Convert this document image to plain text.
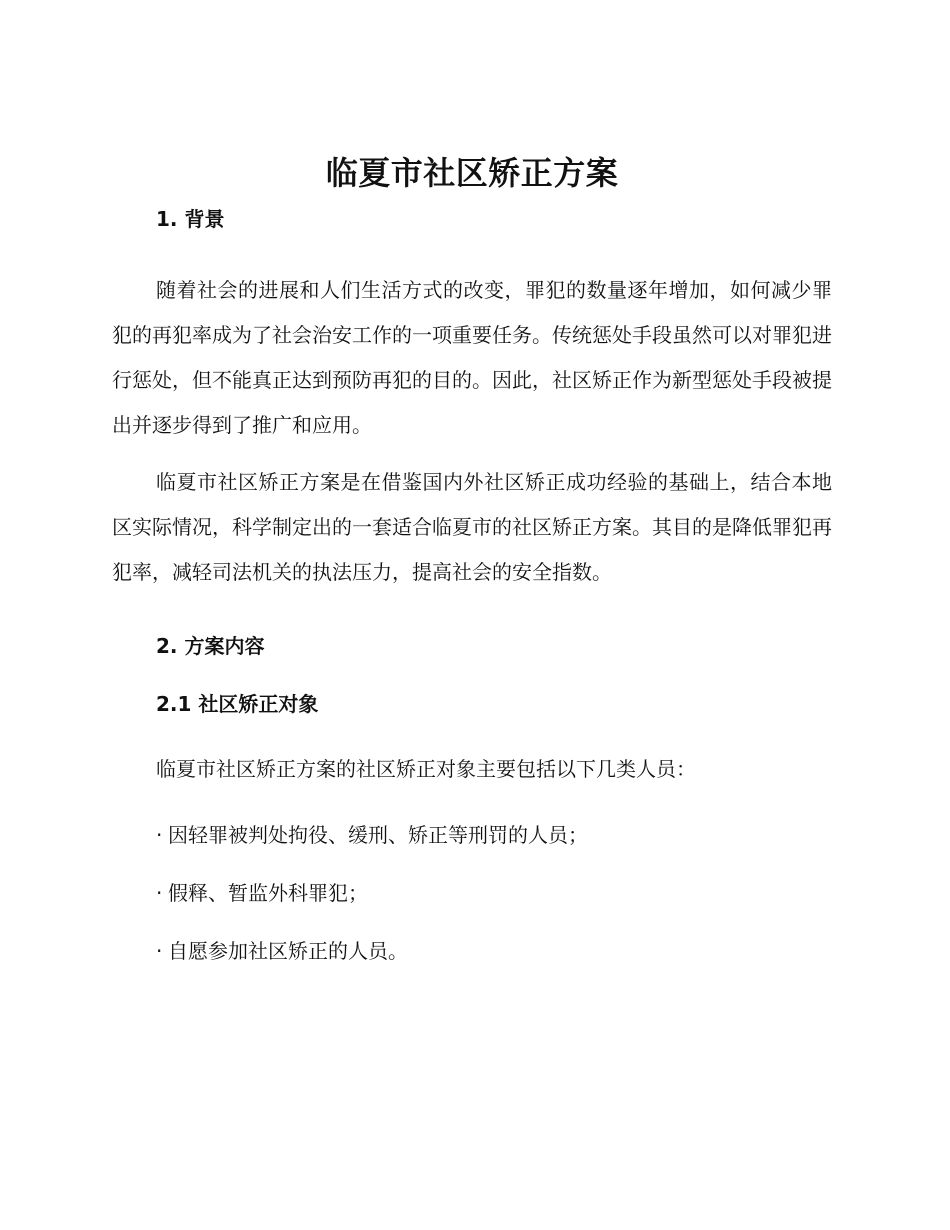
临夏市社区矫正方案
1. 背景

随着社会的进展和人们生活方式的改变，罪犯的数量逐年增加，如何减少罪犯的再犯率成为了社会治安工作的一项重要任务。传统惩处手段虽然可以对罪犯进行惩处，但不能真正达到预防再犯的目的。因此，社区矫正作为新型惩处手段被提出并逐步得到了推广和应用。

临夏市社区矫正方案是在借鉴国内外社区矫正成功经验的基础上，结合本地区实际情况，科学制定出的一套适合临夏市的社区矫正方案。其目的是降低罪犯再犯率，减轻司法机关的执法压力，提高社会的安全指数。

2. 方案内容
2.1 社区矫正对象

临夏市社区矫正方案的社区矫正对象主要包括以下几类人员：

· 因轻罪被判处拘役、缓刑、矫正等刑罚的人员；
· 假释、暂监外科罪犯；
· 自愿参加社区矫正的人员。
